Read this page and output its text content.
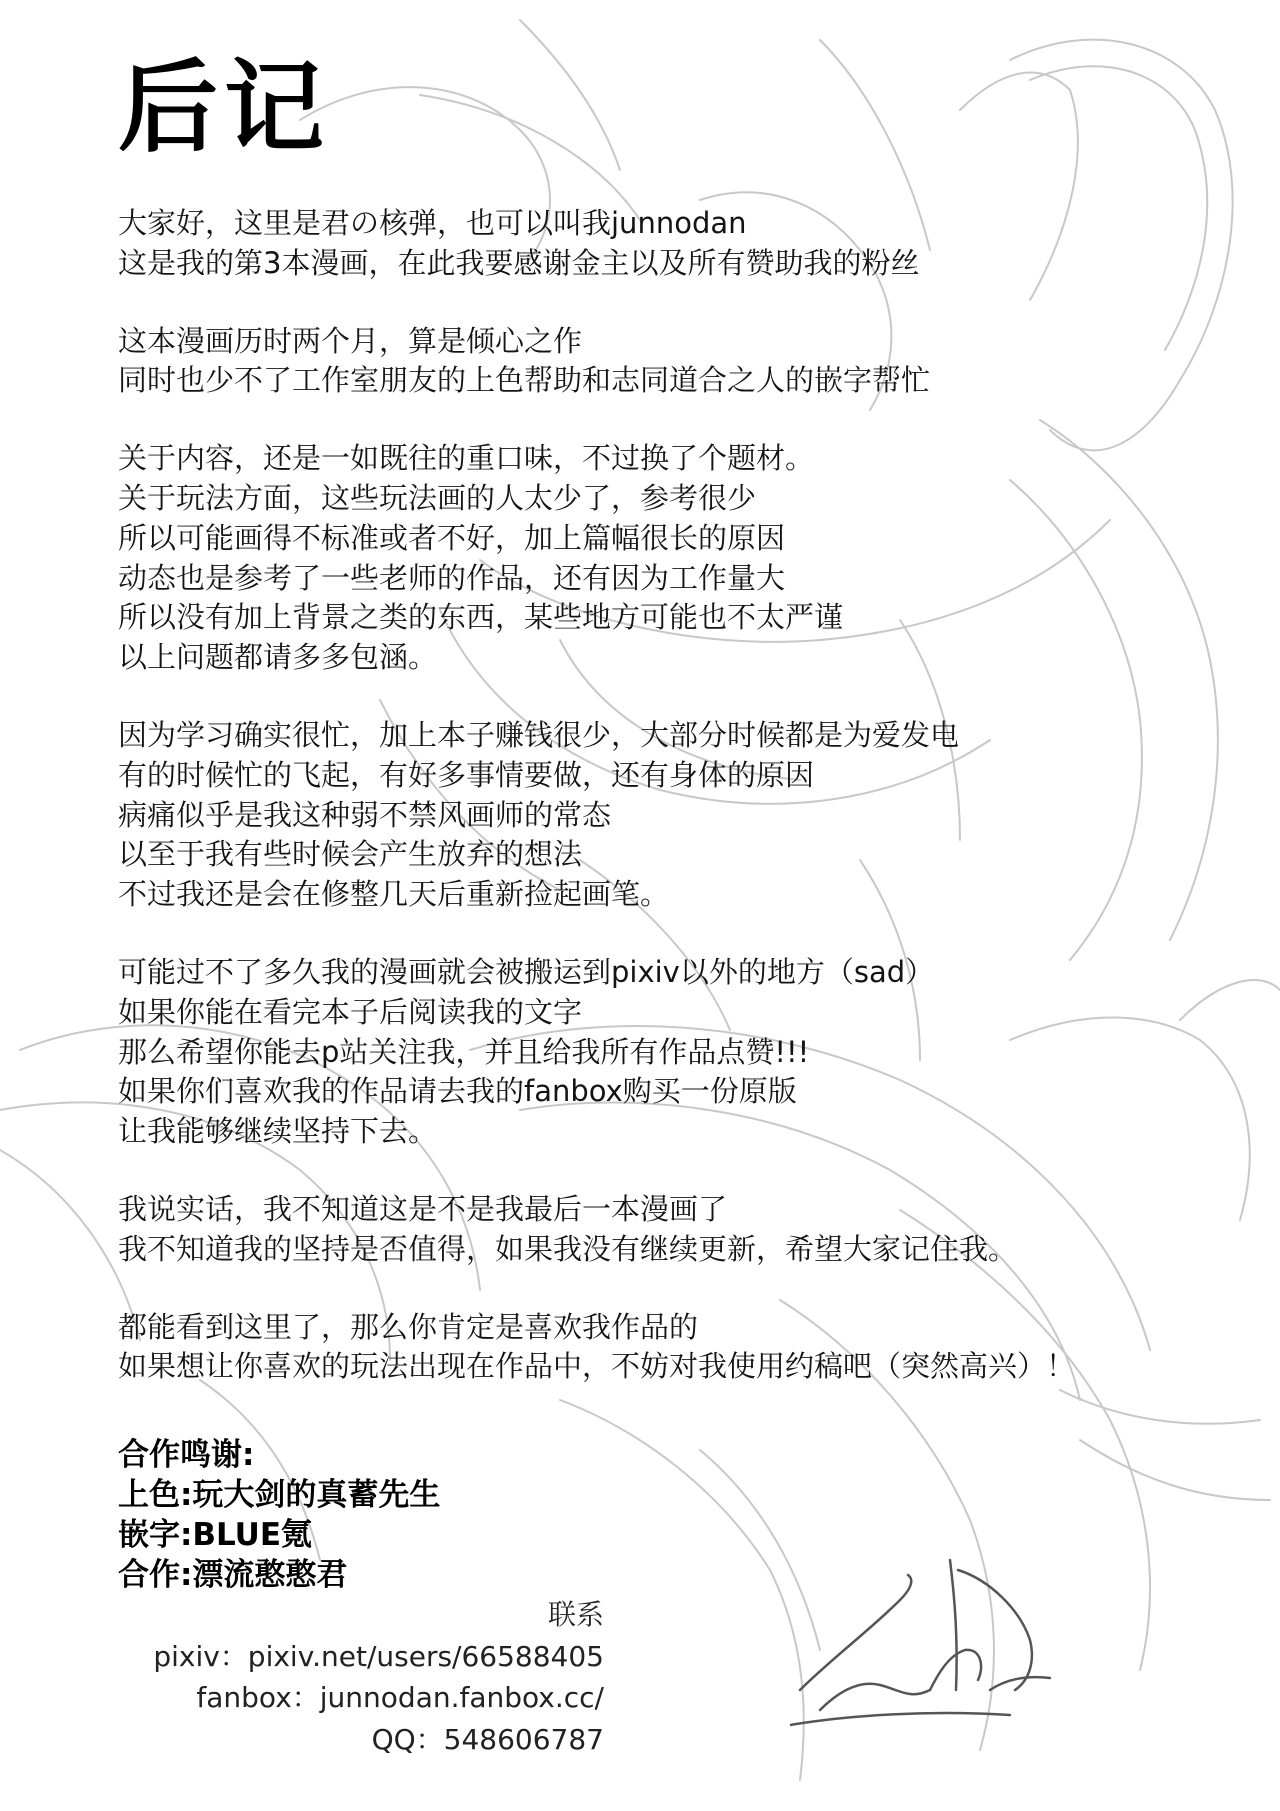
后记
大家好，这里是君の核弹，也可以叫我junnodan
这是我的第3本漫画，在此我要感谢金主以及所有赞助我的粉丝
这本漫画历时两个月，算是倾心之作
同时也少不了工作室朋友的上色帮助和志同道合之人的嵌字帮忙
关于内容，还是一如既往的重口味，不过换了个题材。
关于玩法方面，这些玩法画的人太少了，参考很少
所以可能画得不标准或者不好，加上篇幅很长的原因
动态也是参考了一些老师的作品，还有因为工作量大
所以没有加上背景之类的东西，某些地方可能也不太严谨
以上问题都请多多包涵。
因为学习确实很忙，加上本子赚钱很少，大部分时候都是为爱发电
有的时候忙的飞起，有好多事情要做，还有身体的原因
病痛似乎是我这种弱不禁风画师的常态
以至于我有些时候会产生放弃的想法
不过我还是会在修整几天后重新捡起画笔。
可能过不了多久我的漫画就会被搬运到pixiv以外的地方（sad）
如果你能在看完本子后阅读我的文字
那么希望你能去p站关注我，并且给我所有作品点赞!!!
如果你们喜欢我的作品请去我的fanbox购买一份原版
让我能够继续坚持下去。
我说实话，我不知道这是不是我最后一本漫画了
我不知道我的坚持是否值得，如果我没有继续更新，希望大家记住我。
都能看到这里了，那么你肯定是喜欢我作品的
如果想让你喜欢的玩法出现在作品中，不妨对我使用约稿吧（突然高兴）！
合作鸣谢:
上色:玩大剑的真蓄先生
嵌字:BLUE氪
合作:漂流憨憨君
联系
pixiv：pixiv.net/users/66588405
fanbox：junnodan.fanbox.cc/
QQ：548606787
